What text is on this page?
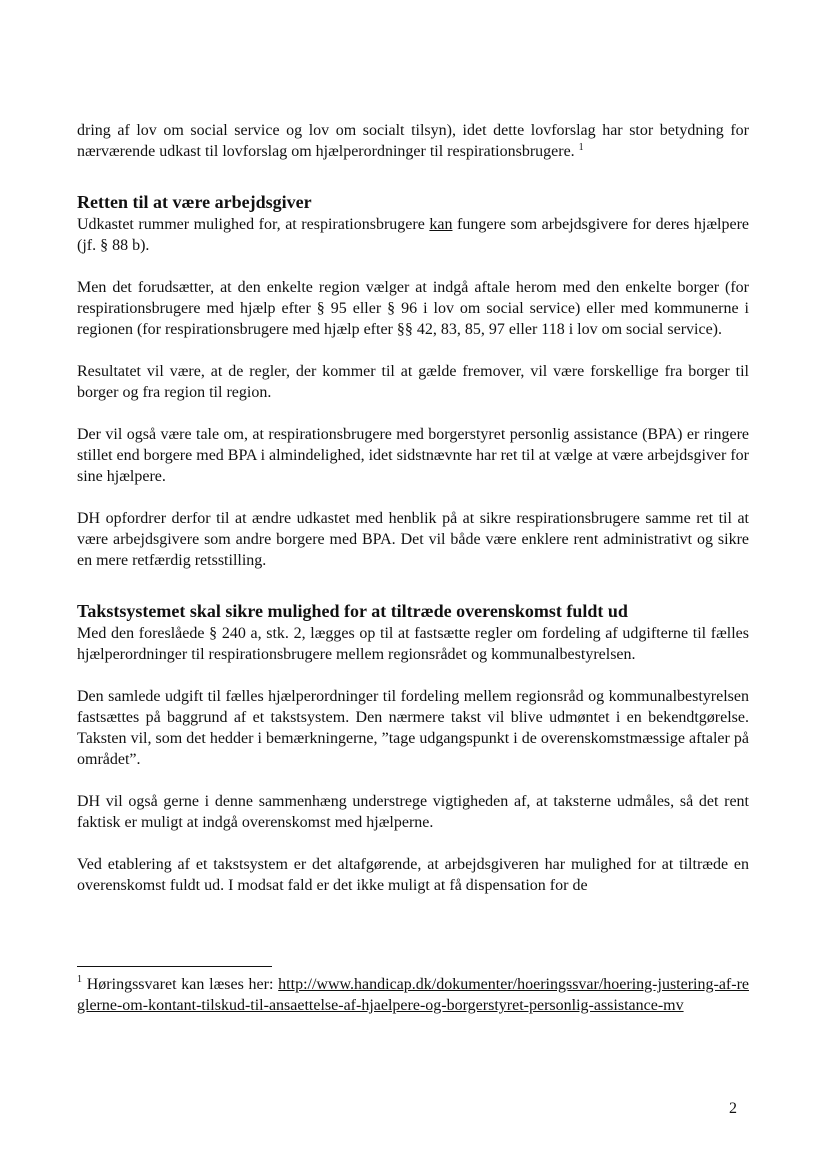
dring af lov om social service og lov om socialt tilsyn), idet dette lovforslag har stor betydning for nærværende udkast til lovforslag om hjælperordninger til respirationsbrugere. $^1$

Retten til at være arbejdsgiver

Udkastet rummer mulighed for, at respirationsbrugere kan fungere som arbejdsgivere for deres hjælpere (jf. § 88 b).

Men det forudsætter, at den enkelte region vælger at indgå aftale herom med den enkelte borger (for respirationsbrugere med hjælp efter § 95 eller § 96 i lov om social service) eller med kommunerne i regionen (for respirationsbrugere med hjælp efter §§ 42, 83, 85, 97 eller 118 i lov om social service).

Resultatet vil være, at de regler, der kommer til at gælde fremover, vil være forskellige fra borger til borger og fra region til region.

Der vil også være tale om, at respirationsbrugere med borgerstyret personlig assistance (BPA) er ringere stillet end borgere med BPA i almindelighed, idet sidstnævnte har ret til at vælge at være arbejdsgiver for sine hjælpere.

DH opfordrer derfor til at ændre udkastet med henblik på at sikre respirationsbrugere samme ret til at være arbejdsgivere som andre borgere med BPA. Det vil både være enklere rent administrativt og sikre en mere retfærdig retsstilling.

Takstsystemet skal sikre mulighed for at tiltræde overenskomst fuldt ud

Med den foreslåede § 240 a, stk. 2, lægges op til at fastsætte regler om fordeling af udgifterne til fælles hjælperordninger til respirationsbrugere mellem regionsrådet og kommunalbestyrelsen.

Den samlede udgift til fælles hjælperordninger til fordeling mellem regionsråd og kommunalbestyrelsen fastsættes på baggrund af et takstsystem. Den nærmere takst vil blive udmøntet i en bekendtgørelse. Taksten vil, som det hedder i bemærkningerne, ”tage udgangspunkt i de overenskomstmæssige aftaler på området”.

DH vil også gerne i denne sammenhæng understrege vigtigheden af, at taksterne udmåles, så det rent faktisk er muligt at indgå overenskomst med hjælperne.

Ved etablering af et takstsystem er det altafgørende, at arbejdsgiveren har mulighed for at tiltræde en overenskomst fuldt ud. I modsat fald er det ikke muligt at få dispensation for de

$^1$ Høringssvaret kan læses her: http://www.handicap.dk/dokumenter/hoeringssvar/hoering-justering-af-reglerne-om-kontant-tilskud-til-ansaettelse-af-hjaelpere-og-borgerstyret-personlig-assistance-mv
2
